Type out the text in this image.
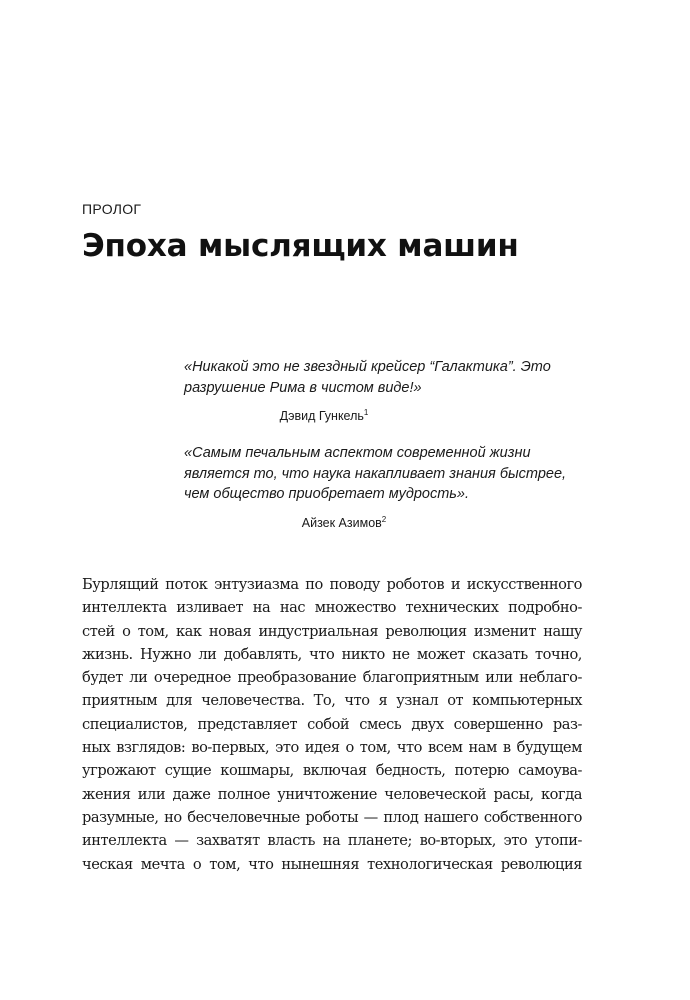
ПРОЛОГ

Эпоха мыслящих машин

«Никакой это не звездный крейсер “Галактика”. Это
разрушение Рима в чистом виде!»

Дэвид Гункель$^1$

«Самым печальным аспектом современной жизни
является то, что наука накапливает знания быстрее,
чем общество приобретает мудрость».

Айзек Азимов$^2$

Бурлящий поток энтузиазма по поводу роботов и искусственного
интеллекта изливает на нас множество технических подробно-
стей о том, как новая индустриальная революция изменит нашу
жизнь. Нужно ли добавлять, что никто не может сказать точно,
будет ли очередное преобразование благоприятным или неблаго-
приятным для человечества. То, что я узнал от компьютерных
специалистов, представляет собой смесь двух совершенно раз-
ных взглядов: во-первых, это идея о том, что всем нам в будущем
угрожают сущие кошмары, включая бедность, потерю самоува-
жения или даже полное уничтожение человеческой расы, когда
разумные, но бесчеловечные роботы — плод нашего собственного
интеллекта — захватят власть на планете; во-вторых, это утопи-
ческая мечта о том, что нынешняя технологическая революция
